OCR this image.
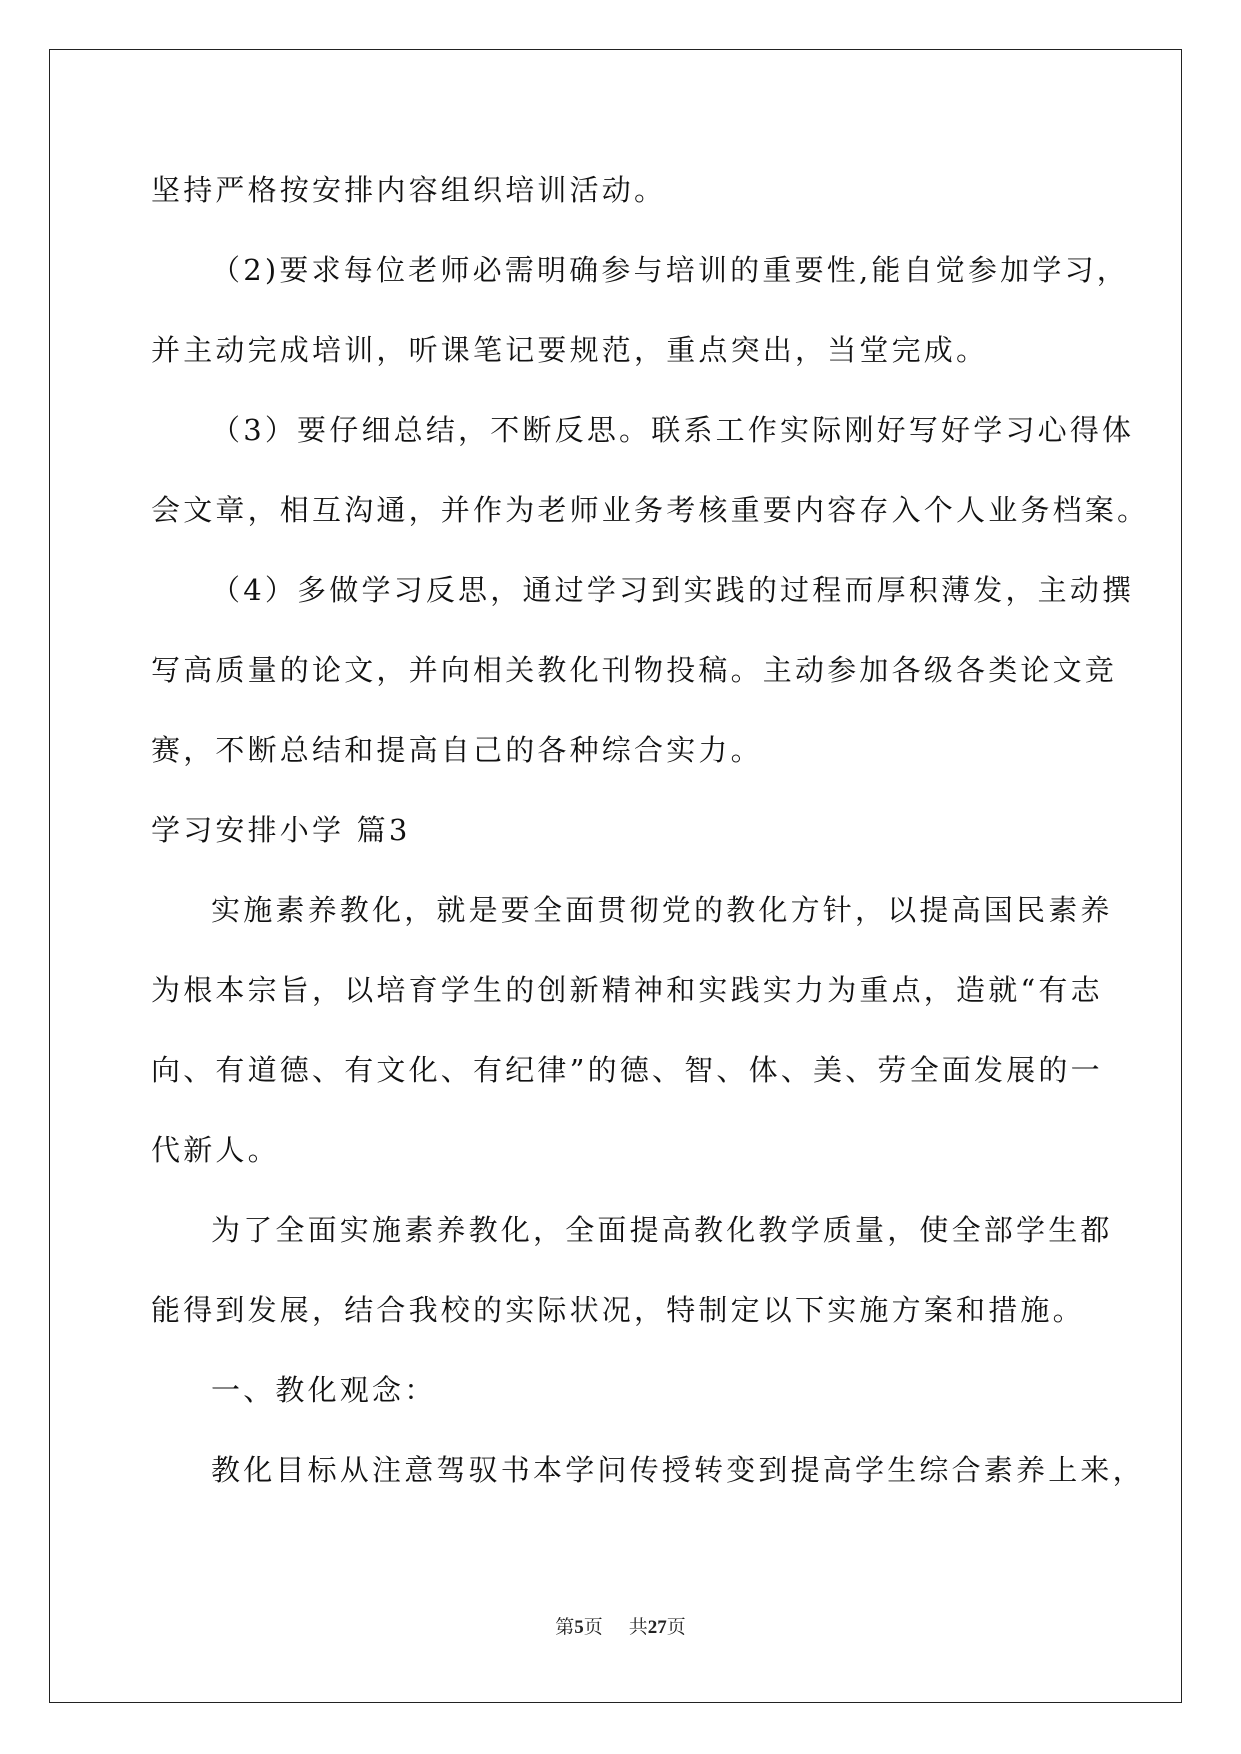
坚持严格按安排内容组织培训活动。
（2)要求每位老师必需明确参与培训的重要性,能自觉参加学习，
并主动完成培训，听课笔记要规范，重点突出，当堂完成。
（3）要仔细总结，不断反思。联系工作实际刚好写好学习心得体
会文章，相互沟通，并作为老师业务考核重要内容存入个人业务档案。
（4）多做学习反思，通过学习到实践的过程而厚积薄发，主动撰
写高质量的论文，并向相关教化刊物投稿。主动参加各级各类论文竞
赛，不断总结和提高自己的各种综合实力。
学习安排小学 篇3
实施素养教化，就是要全面贯彻党的教化方针，以提高国民素养
为根本宗旨，以培育学生的创新精神和实践实力为重点，造就“有志
向、有道德、有文化、有纪律”的德、智、体、美、劳全面发展的一
代新人。
为了全面实施素养教化，全面提高教化教学质量，使全部学生都
能得到发展，结合我校的实际状况，特制定以下实施方案和措施。
一、教化观念：
教化目标从注意驾驭书本学问传授转变到提高学生综合素养上来，
第5页 共27页
